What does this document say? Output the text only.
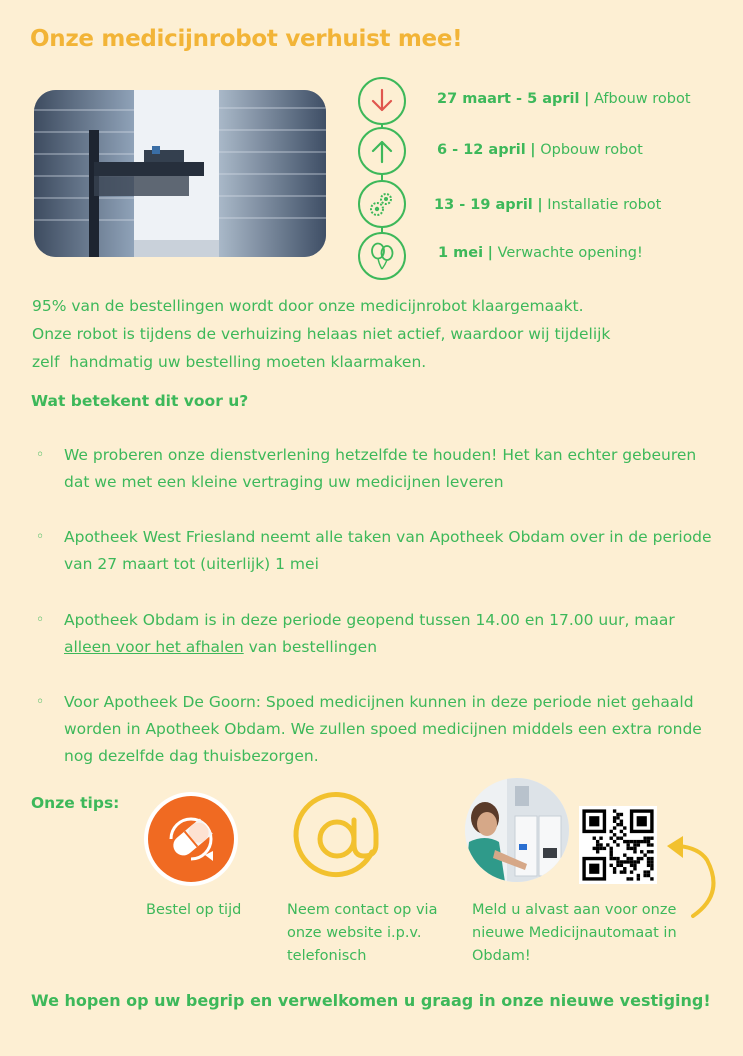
Onze medicijnrobot verhuist mee!
27 maart - 5 april | Afbouw robot
6 - 12 april | Opbouw robot
13 - 19 april | Installatie robot
1 mei | Verwachte opening!
95% van de bestellingen wordt door onze medicijnrobot klaargemaakt.
Onze robot is tijdens de verhuizing helaas niet actief, waardoor wij tijdelijk
zelf  handmatig uw bestelling moeten klaarmaken.
Wat betekent dit voor u?
◦ We proberen onze dienstverlening hetzelfde te houden! Het kan echter gebeuren dat we met een kleine vertraging uw medicijnen leveren
◦ Apotheek West Friesland neemt alle taken van Apotheek Obdam over in de periode van 27 maart tot (uiterlijk) 1 mei
◦ Apotheek Obdam is in deze periode geopend tussen 14.00 en 17.00 uur, maar alleen voor het afhalen van bestellingen
◦ Voor Apotheek De Goorn: Spoed medicijnen kunnen in deze periode niet gehaald worden in Apotheek Obdam. We zullen spoed medicijnen middels een extra ronde nog dezelfde dag thuisbezorgen.
Onze tips:
Bestel op tijd	Neem contact op via onze website i.p.v. telefonisch
Meld u alvast aan voor onze nieuwe Medicijnautomaat in Obdam!
We hopen op uw begrip en verwelkomen u graag in onze nieuwe vestiging!
